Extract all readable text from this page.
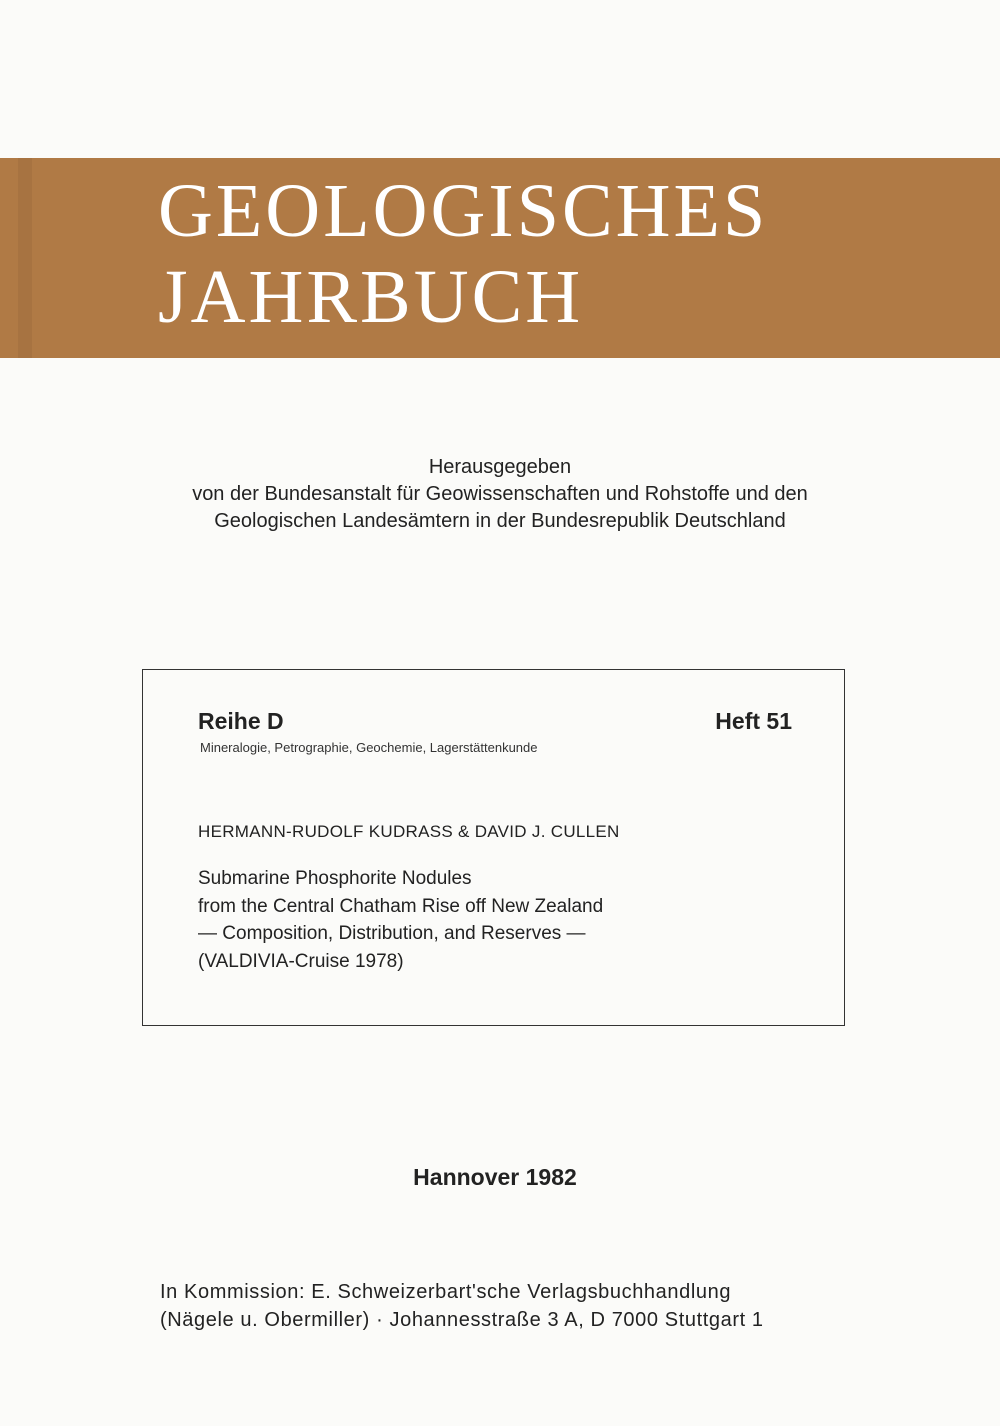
GEOLOGISCHES
JAHRBUCH
Herausgegeben
von der Bundesanstalt für Geowissenschaften und Rohstoffe und den
Geologischen Landesämtern in der Bundesrepublik Deutschland
Reihe D
Mineralogie, Petrographie, Geochemie, Lagerstättenkunde
Heft 51
HERMANN-RUDOLF KUDRASS & DAVID J. CULLEN
Submarine Phosphorite Nodules
from the Central Chatham Rise off New Zealand
— Composition, Distribution, and Reserves —
(VALDIVIA-Cruise 1978)
Hannover 1982
In Kommission: E. Schweizerbart'sche Verlagsbuchhandlung
(Nägele u. Obermiller) · Johannesstraße 3 A, D 7000 Stuttgart 1
